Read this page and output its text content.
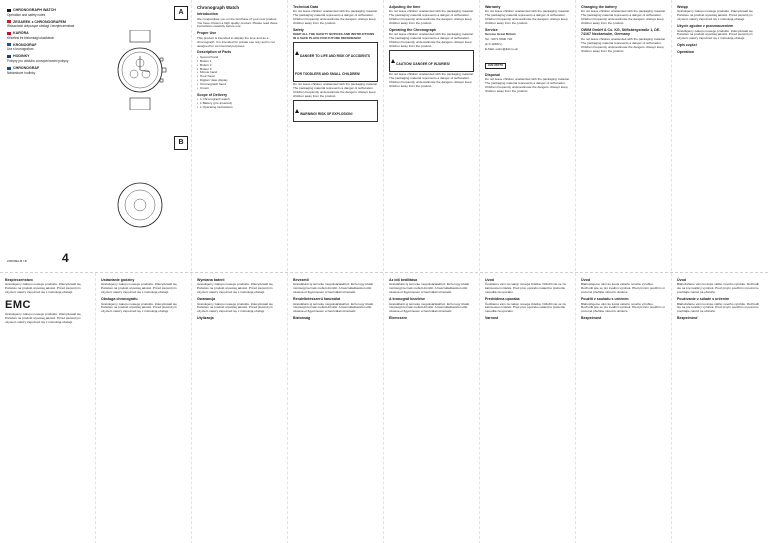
CHRONOGRAPH WATCH
Operation and safety notes
ZEGAREK z CHRONOGRAFEM
Wskazówki dotyczące obsługi i bezpieczeństwa
KARÓRA
Kezelési és biztonsági utasítások
KRONOGRAF
Ura s kronografom
HODINKY
Pokyny pro obsluhu a bezpečnostní pokyny
CHRONOGRAF
Náramkové hodinky
Z30099A-B / B	4
A
B
Chronograph Watch
Introduction
We congratulate you on the purchase of your new product. You have chosen a high quality product. Please read these instructions carefully before use.
Proper Use
This product is intended to display the time and as a chronograph. It is intended for private use only and is not designed for commercial purposes.
Description of Parts
• Second hand
• Button 1
• Button 2
• Button 3
• Minute hand
• Hour hand
• Digital / date display
• Chronograph hand
• Crown
Scope of Delivery
• 1 Chronograph watch
• 1 Battery (pre-inserted)
• 1 Operating instructions
Technical Data
Do not leave children unattended with the packaging material. The packaging material represents a danger of suffocation. Children frequently underestimate the dangers. Always keep children away from the product.
Safety
KEEP ALL THE SAFETY NOTICES AND INSTRUCTIONS IN A SAFE PLACE FOR FUTURE REFERENCE!
DANGER TO LIFE AND RISK OF ACCIDENTS FOR TODDLERS AND SMALL CHILDREN!
Do not leave children unattended with the packaging material. The packaging material represents a danger of suffocation. Children frequently underestimate the dangers. Always keep children away from the product.
WARNING! RISK OF EXPLOSION!
Adjusting the time
Do not leave children unattended with the packaging material. The packaging material represents a danger of suffocation. Children frequently underestimate the dangers. Always keep children away from the product.
Operating the Chronograph
Do not leave children unattended with the packaging material. The packaging material represents a danger of suffocation. Children frequently underestimate the dangers. Always keep children away from the product.
CAUTION! DANGER OF INJURIES!
Do not leave children unattended with the packaging material. The packaging material represents a danger of suffocation. Children frequently underestimate the dangers. Always keep children away from the product.
Warranty
Do not leave children unattended with the packaging material. The packaging material represents a danger of suffocation. Children frequently underestimate the dangers. Always keep children away from the product.
Service
Service Great Britain
Tel.: 0871 5000 720
(£ 0.10/Min.)
E-Mail: owim@lidl.co.uk
IAN 68776
Disposal
Do not leave children unattended with the packaging material. The packaging material represents a danger of suffocation. Children frequently underestimate the dangers. Always keep children away from the product.
Changing the battery
Do not leave children unattended with the packaging material. The packaging material represents a danger of suffocation. Children frequently underestimate the dangers. Always keep children away from the product.
OWIM GmbH & Co. KG, Stiftsbergstraße 1, DE-74167 Neckarsulm, Germany
Do not leave children unattended with the packaging material. The packaging material represents a danger of suffocation. Children frequently underestimate the dangers. Always keep children away from the product.
Wstęp
Gratulujemy zakupu nowego produktu. Zdecydowali się Państwo na produkt wysokiej jakości. Przed pierwszym użyciem należy zapoznać się z instrukcją obsługi.
Użycie zgodne z przeznaczeniem
Gratulujemy zakupu nowego produktu. Zdecydowali się Państwo na produkt wysokiej jakości. Przed pierwszym użyciem należy zapoznać się z instrukcją obsługi.
Opis części
Operation
Bezpieczeństwo
Gratulujemy zakupu nowego produktu. Zdecydowali się Państwo na produkt wysokiej jakości. Przed pierwszym użyciem należy zapoznać się z instrukcją obsługi.
EMC
Gratulujemy zakupu nowego produktu. Zdecydowali się Państwo na produkt wysokiej jakości. Przed pierwszym użyciem należy zapoznać się z instrukcją obsługi.
Ustawianie godziny
Gratulujemy zakupu nowego produktu. Zdecydowali się Państwo na produkt wysokiej jakości. Przed pierwszym użyciem należy zapoznać się z instrukcją obsługi.
Obsługa chronografu
Gratulujemy zakupu nowego produktu. Zdecydowali się Państwo na produkt wysokiej jakości. Przed pierwszym użyciem należy zapoznać się z instrukcją obsługi.
Wymiana baterii
Gratulujemy zakupu nowego produktu. Zdecydowali się Państwo na produkt wysokiej jakości. Przed pierwszym użyciem należy zapoznać się z instrukcją obsługi.
Gwarancja
Gratulujemy zakupu nowego produktu. Zdecydowali się Państwo na produkt wysokiej jakości. Przed pierwszym użyciem należy zapoznać się z instrukcją obsługi.
Utylizacja
Bevezető
Gratulálunk új terméke megvásárlásához. Ezzel egy kiváló minőségű termék mellett döntött. A használatbavétel előtt olvassa el figyelmesen a használati útmutatót.
Rendeltetésszerű használat
Gratulálunk új terméke megvásárlásához. Ezzel egy kiváló minőségű termék mellett döntött. A használatbavétel előtt olvassa el figyelmesen a használati útmutatót.
Biztonság
Az idő beállítása
Gratulálunk új terméke megvásárlásához. Ezzel egy kiváló minőségű termék mellett döntött. A használatbavétel előtt olvassa el figyelmesen a használati útmutatót.
A kronográf kezelése
Gratulálunk új terméke megvásárlásához. Ezzel egy kiváló minőségű termék mellett döntött. A használatbavétel előtt olvassa el figyelmesen a használati útmutatót.
Elemcsere
Uvod
Čestitamo vam za nakup novega izdelka. Odločili ste se za kakovosten izdelek. Pred prvo uporabo natančno preberite navodila za uporabo.
Predvidena uporaba
Čestitamo vam za nakup novega izdelka. Odločili ste se za kakovosten izdelek. Pred prvo uporabo natančno preberite navodila za uporabo.
Varnost
Úvod
Blahopřejeme vám ke koupi vašeho nového výrobku. Rozhodli jste se pro kvalitní výrobek. Před prvním použitím si pozorně přečtěte návod k obsluze.
Použití v souladu s určením
Blahopřejeme vám ke koupi vašeho nového výrobku. Rozhodli jste se pro kvalitní výrobek. Před prvním použitím si pozorně přečtěte návod k obsluze.
Bezpečnost
Úvod
Blahoželáme vám ku kúpe vášho nového výrobku. Rozhodli ste sa pre kvalitný výrobok. Pred prvým použitím si pozorne prečítajte návod na obsluhu.
Používanie v súlade s určením
Blahoželáme vám ku kúpe vášho nového výrobku. Rozhodli ste sa pre kvalitný výrobok. Pred prvým použitím si pozorne prečítajte návod na obsluhu.
Bezpečnosť
